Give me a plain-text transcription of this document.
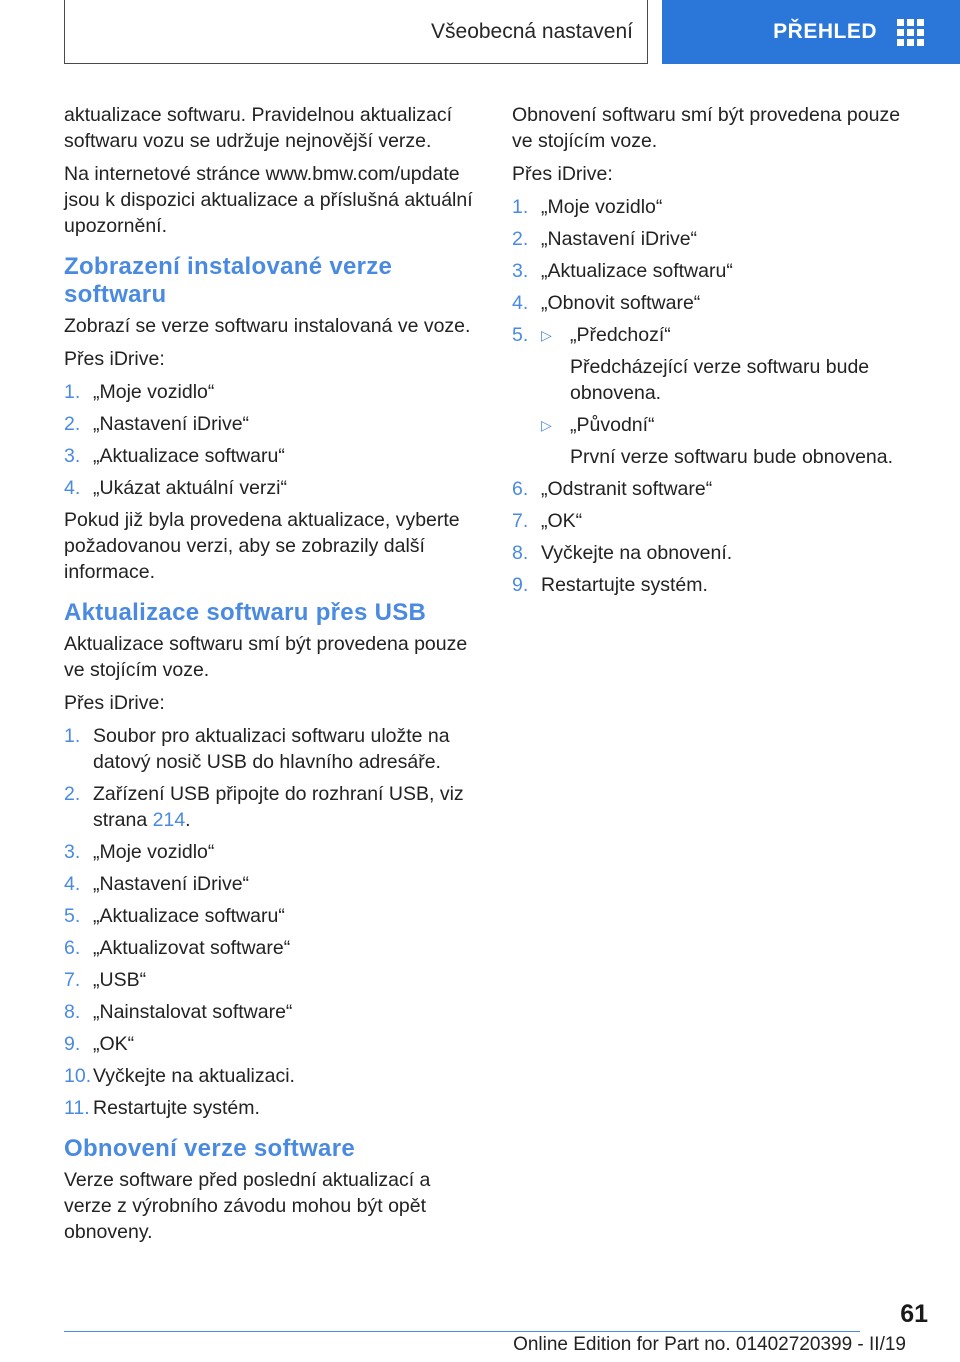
Všeobecná nastavení	PŘEHLED

aktualizace softwaru. Pravidelnou aktualizací softwaru vozu se udržuje nejnovější verze.

Na internetové stránce www.bmw.com/update jsou k dispozici aktualizace a příslušná aktuální upozornění.

Zobrazení instalované verze softwaru

Zobrazí se verze softwaru instalovaná ve voze.

Přes iDrive:

1. „Moje vozidlo“
2. „Nastavení iDrive“
3. „Aktualizace softwaru“
4. „Ukázat aktuální verzi“

Pokud již byla provedena aktualizace, vyberte požadovanou verzi, aby se zobrazily další informace.

Aktualizace softwaru přes USB

Aktualizace softwaru smí být provedena pouze ve stojícím voze.

Přes iDrive:

1. Soubor pro aktualizaci softwaru uložte na datový nosič USB do hlavního adresáře.
2. Zařízení USB připojte do rozhraní USB, viz strana 214.
3. „Moje vozidlo“
4. „Nastavení iDrive“
5. „Aktualizace softwaru“
6. „Aktualizovat software“
7. „USB“
8. „Nainstalovat software“
9. „OK“
10. Vyčkejte na aktualizaci.
11. Restartujte systém.
Obnovení verze software

Verze software před poslední aktualizací a verze z výrobního závodu mohou být opět obnoveny.

Obnovení softwaru smí být provedena pouze ve stojícím voze.

Přes iDrive:

1. „Moje vozidlo“
2. „Nastavení iDrive“
3. „Aktualizace softwaru“
4. „Obnovit software“
5. ▷ „Předchozí“
Předcházející verze softwaru bude obnovena.
▷ „Původní“
První verze softwaru bude obnovena.
6. „Odstranit software“
7. „OK“
8. Vyčkejte na obnovení.
9. Restartujte systém.
61
Online Edition for Part no. 01402720399 - II/19
